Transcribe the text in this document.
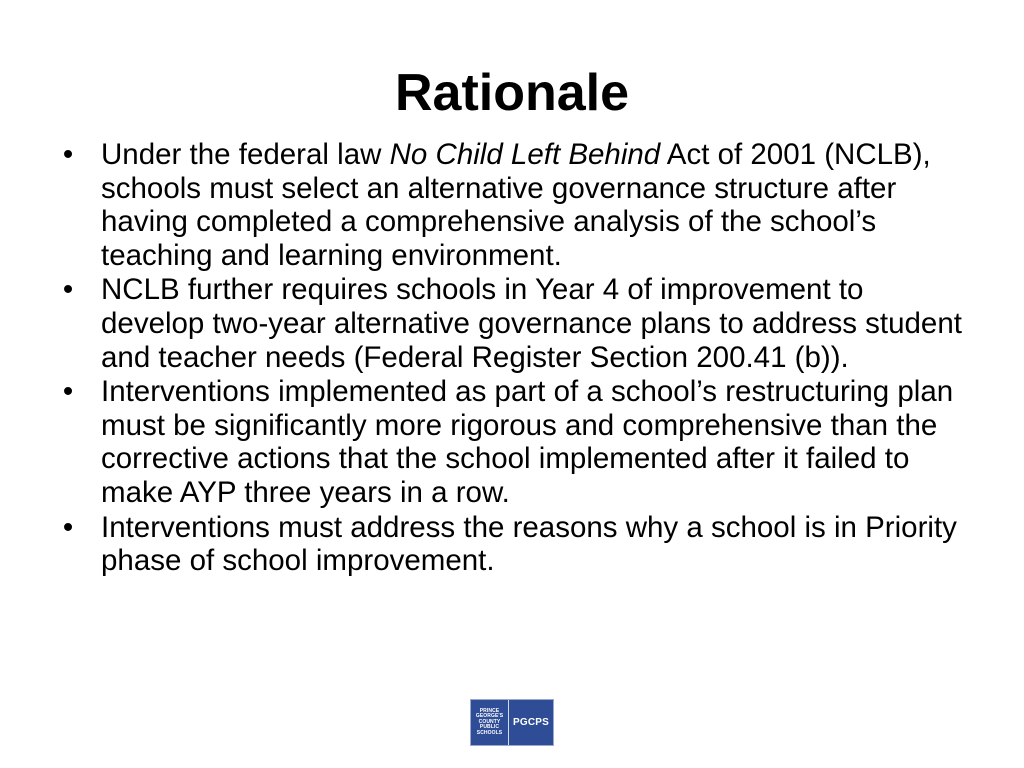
Rationale
• Under the federal law No Child Left Behind Act of 2001 (NCLB), schools must select an alternative governance structure after having completed a comprehensive analysis of the school’s teaching and learning environment.
• NCLB further requires schools in Year 4 of improvement to develop two-year alternative governance plans to address student and teacher needs (Federal Register Section 200.41 (b)).
• Interventions implemented as part of a school’s restructuring plan must be significantly more rigorous and comprehensive than the corrective actions that the school implemented after it failed to make AYP three years in a row.
• Interventions must address the reasons why a school is in Priority phase of school improvement.
PRINCE
GEORGE'S
COUNTY
PUBLIC
SCHOOLS
PGCPS
